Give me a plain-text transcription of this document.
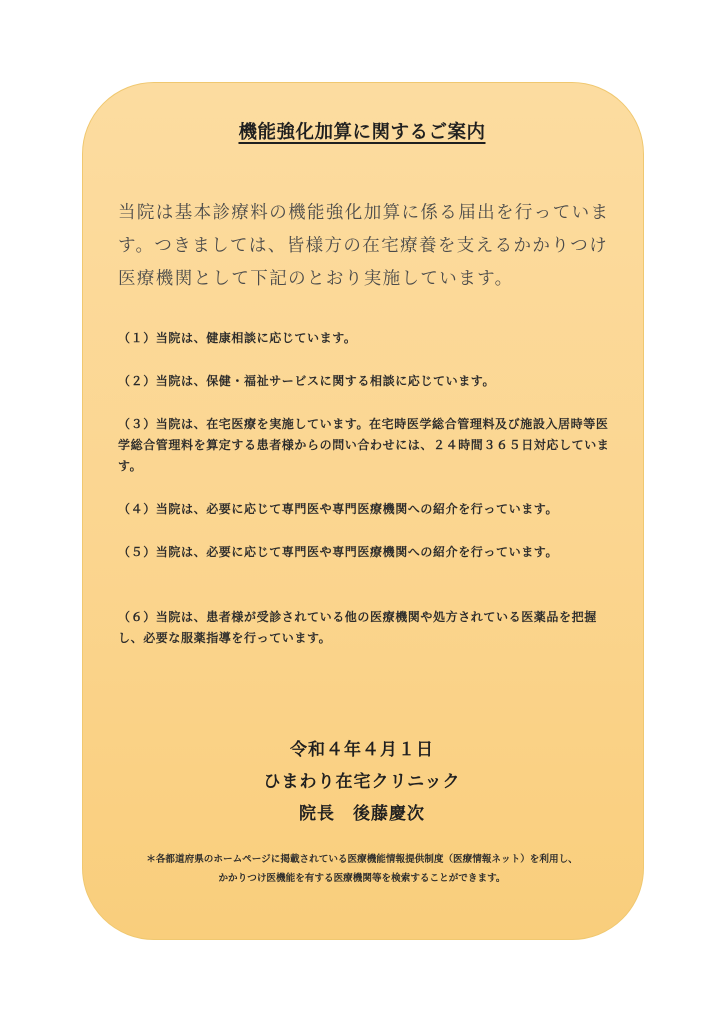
機能強化加算に関するご案内
当院は基本診療料の機能強化加算に係る届出を行っています。つきましては、皆様方の在宅療養を支えるかかりつけ医療機関として下記のとおり実施しています。
（１）当院は、健康相談に応じています。
（２）当院は、保健・福祉サービスに関する相談に応じています。
（３）当院は、在宅医療を実施しています。在宅時医学総合管理料及び施設入居時等医学総合管理料を算定する患者様からの問い合わせには、２４時間３６５日対応しています。
（４）当院は、必要に応じて専門医や専門医療機関への紹介を行っています。
（５）当院は、必要に応じて専門医や専門医療機関への紹介を行っています。
（６）当院は、患者様が受診されている他の医療機関や処方されている医薬品を把握し、必要な服薬指導を行っています。
令和４年４月１日
ひまわり在宅クリニック
院長　後藤慶次
＊各都道府県のホームページに掲載されている医療機能情報提供制度（医療情報ネット）を利用し、
かかりつけ医機能を有する医療機関等を検索することができます。
